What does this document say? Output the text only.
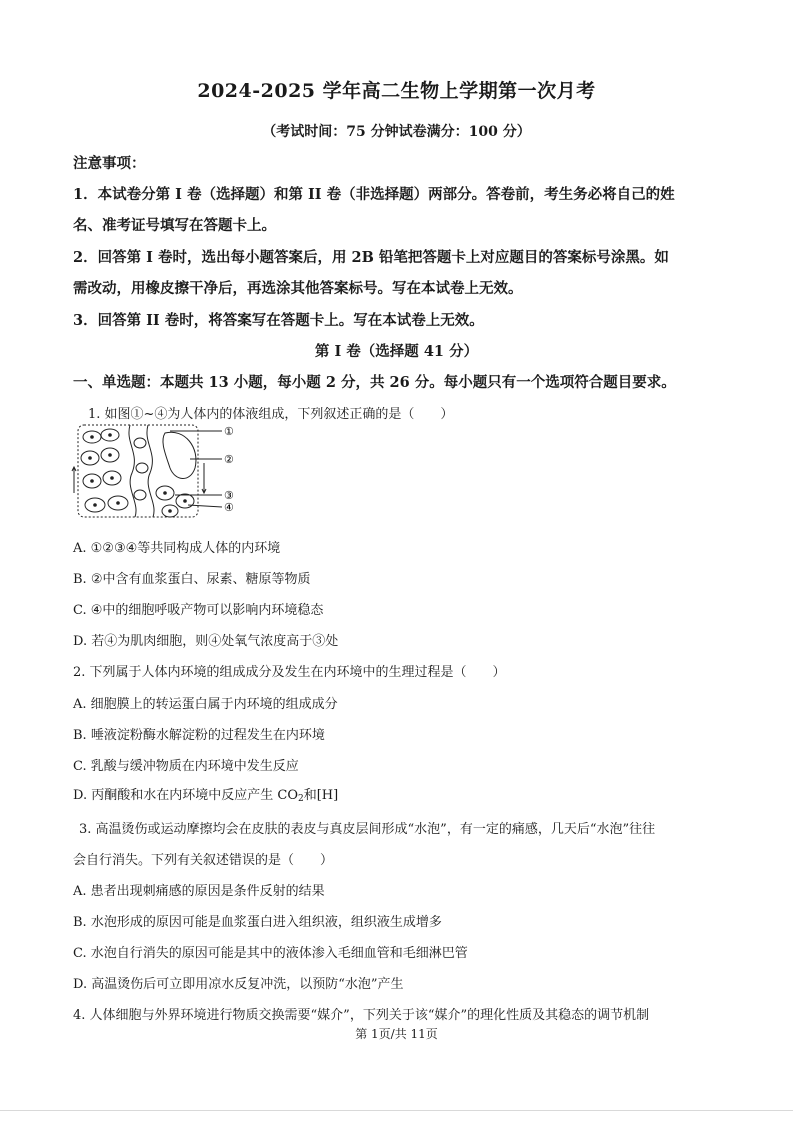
2024-2025 学年高二生物上学期第一次月考
（考试时间：75 分钟试卷满分：100 分）
注意事项：
1．本试卷分第 I 卷（选择题）和第 II 卷（非选择题）两部分。答卷前，考生务必将自己的姓
名、准考证号填写在答题卡上。
2．回答第 I 卷时，选出每小题答案后，用 2B 铅笔把答题卡上对应题目的答案标号涂黑。如
需改动，用橡皮擦干净后，再选涂其他答案标号。写在本试卷上无效。
3．回答第 II 卷时，将答案写在答题卡上。写在本试卷上无效。
第 I 卷（选择题 41 分）
一、单选题：本题共 13 小题，每小题 2 分，共 26 分。每小题只有一个选项符合题目要求。
1. 如图①~④为人体内的体液组成，下列叙述正确的是（　　）
①
②
③
④
A. ①②③④等共同构成人体的内环境
B. ②中含有血浆蛋白、尿素、糖原等物质
C. ④中的细胞呼吸产物可以影响内环境稳态
D. 若④为肌肉细胞，则④处氧气浓度高于③处
2. 下列属于人体内环境的组成成分及发生在内环境中的生理过程是（　　）
A. 细胞膜上的转运蛋白属于内环境的组成成分
B. 唾液淀粉酶水解淀粉的过程发生在内环境
C. 乳酸与缓冲物质在内环境中发生反应
D. 丙酮酸和水在内环境中反应产生 $CO_2$和[H]
3. 高温烫伤或运动摩擦均会在皮肤的表皮与真皮层间形成“水泡”，有一定的痛感，几天后“水泡”往往
会自行消失。下列有关叙述错误的是（　　）
A. 患者出现刺痛感的原因是条件反射的结果
B. 水泡形成的原因可能是血浆蛋白进入组织液，组织液生成增多
C. 水泡自行消失的原因可能是其中的液体渗入毛细血管和毛细淋巴管
D. 高温烫伤后可立即用凉水反复冲洗，以预防“水泡”产生
4. 人体细胞与外界环境进行物质交换需要“媒介”，下列关于该“媒介”的理化性质及其稳态的调节机制
第 1页/共 11页
